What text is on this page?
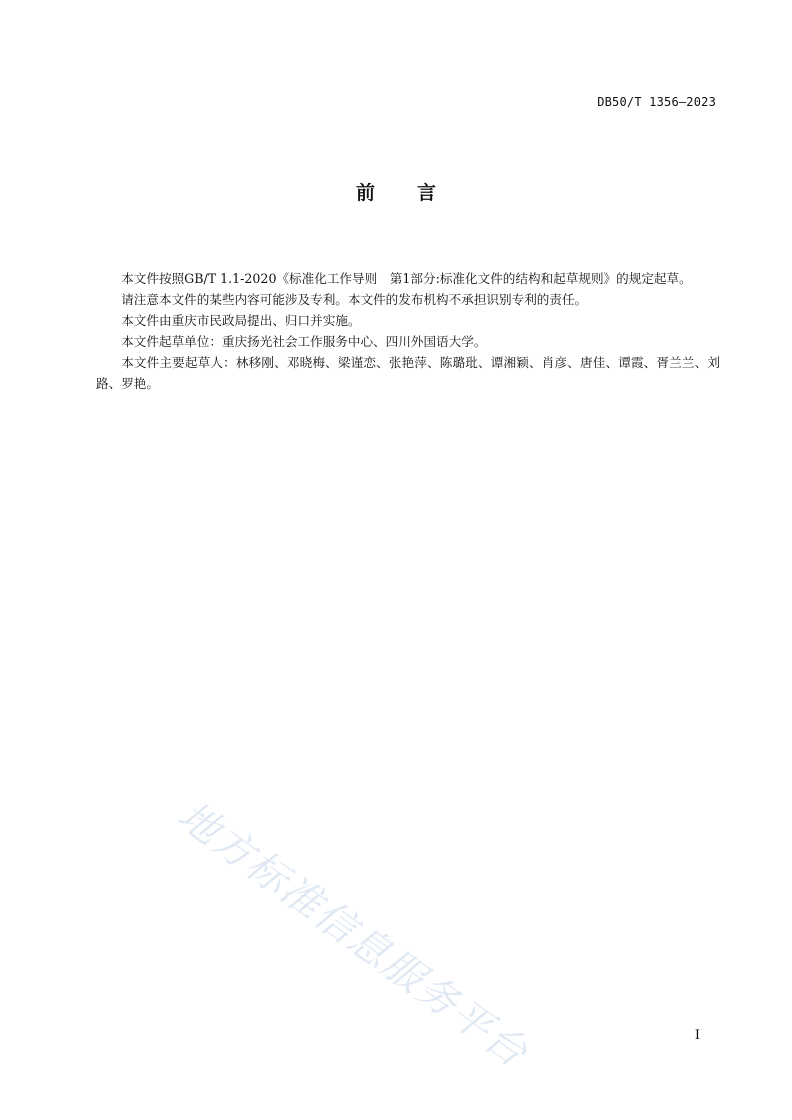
DB50/T 1356—2023
前言

本文件按照GB/T 1.1-2020《标准化工作导则　第1部分:标准化文件的结构和起草规则》的规定起草。

请注意本文件的某些内容可能涉及专利。本文件的发布机构不承担识别专利的责任。

本文件由重庆市民政局提出、归口并实施。

本文件起草单位：重庆扬光社会工作服务中心、四川外国语大学。

本文件主要起草人：林移刚、邓晓梅、梁谨恋、张艳萍、陈璐玭、谭湘颖、肖彦、唐佳、谭霞、胥兰兰、刘路、罗艳。

地方标准信息服务平台	I
